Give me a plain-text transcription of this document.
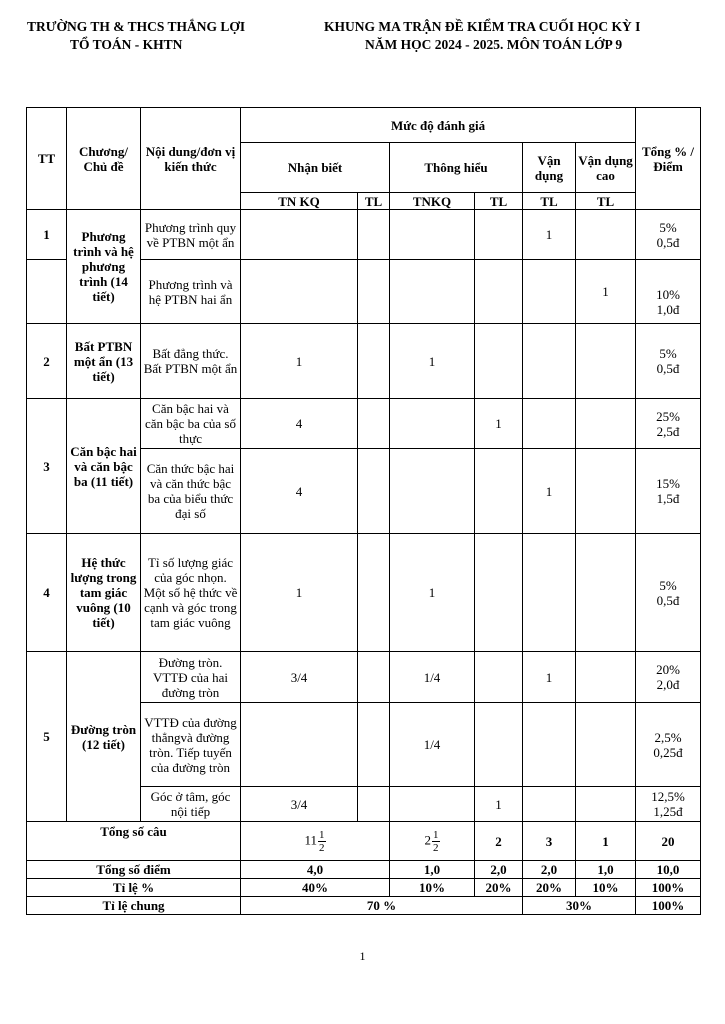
TRƯỜNG TH & THCS THẮNG LỢI
TỔ TOÁN - KHTN
KHUNG MA TRẬN ĐỀ KIỂM TRA CUỐI HỌC KỲ I
NĂM HỌC 2024 - 2025. MÔN TOÁN LỚP 9
TT	Chương/ Chủ đề	Nội dung/đơn vị kiến thức	Mức độ đánh giá						Tổng % /Điểm
			Nhận biết		Thông hiểu		Vận dụng	Vận dụng cao	
			TN KQ	TL	TNKQ	TL	TL	TL	
1	Phương trình và hệ phương trình (14 tiết)	Phương trình quy về PTBN một ẩn					1		5%
0,5đ
		Phương trình và hệ PTBN hai ẩn						1	10%
1,0đ
2	Bất PTBN một ẩn (13 tiết)	Bất đẳng thức. Bất PTBN một ẩn	1		1				5%
0,5đ
3	Căn bậc hai và căn bậc ba (11 tiết)	Căn bậc hai và căn bậc ba của số thực	4			1			25%
2,5đ
		Căn thức bậc hai và căn thức bậc ba của biểu thức đại số	4				1		15%
1,5đ
4	Hệ thức lượng trong tam giác vuông (10 tiết)	Tỉ số lượng giác của góc nhọn. Một số hệ thức về cạnh và góc trong tam giác vuông	1		1				5%
0,5đ
5	Đường tròn (12 tiết)	Đường tròn. VTTĐ của hai đường tròn	3/4		1/4		1		20%
2,0đ
		VTTĐ của đường thẳngvà đường tròn. Tiếp tuyến của đường tròn			1/4				2,5%
0,25đ
		Góc ở tâm, góc nội tiếp	3/4			1			12,5%
1,25đ
Tổng số câu			$11 \frac{1}{2}$		$2 \frac{1}{2}$	2	3	1	20
Tổng số điểm			4,0		1,0	2,0	2,0	1,0	10,0
Tỉ lệ %			40%		10%	20%	20%	10%	100%
Tỉ lệ chung			70 %				30%		100%
1
